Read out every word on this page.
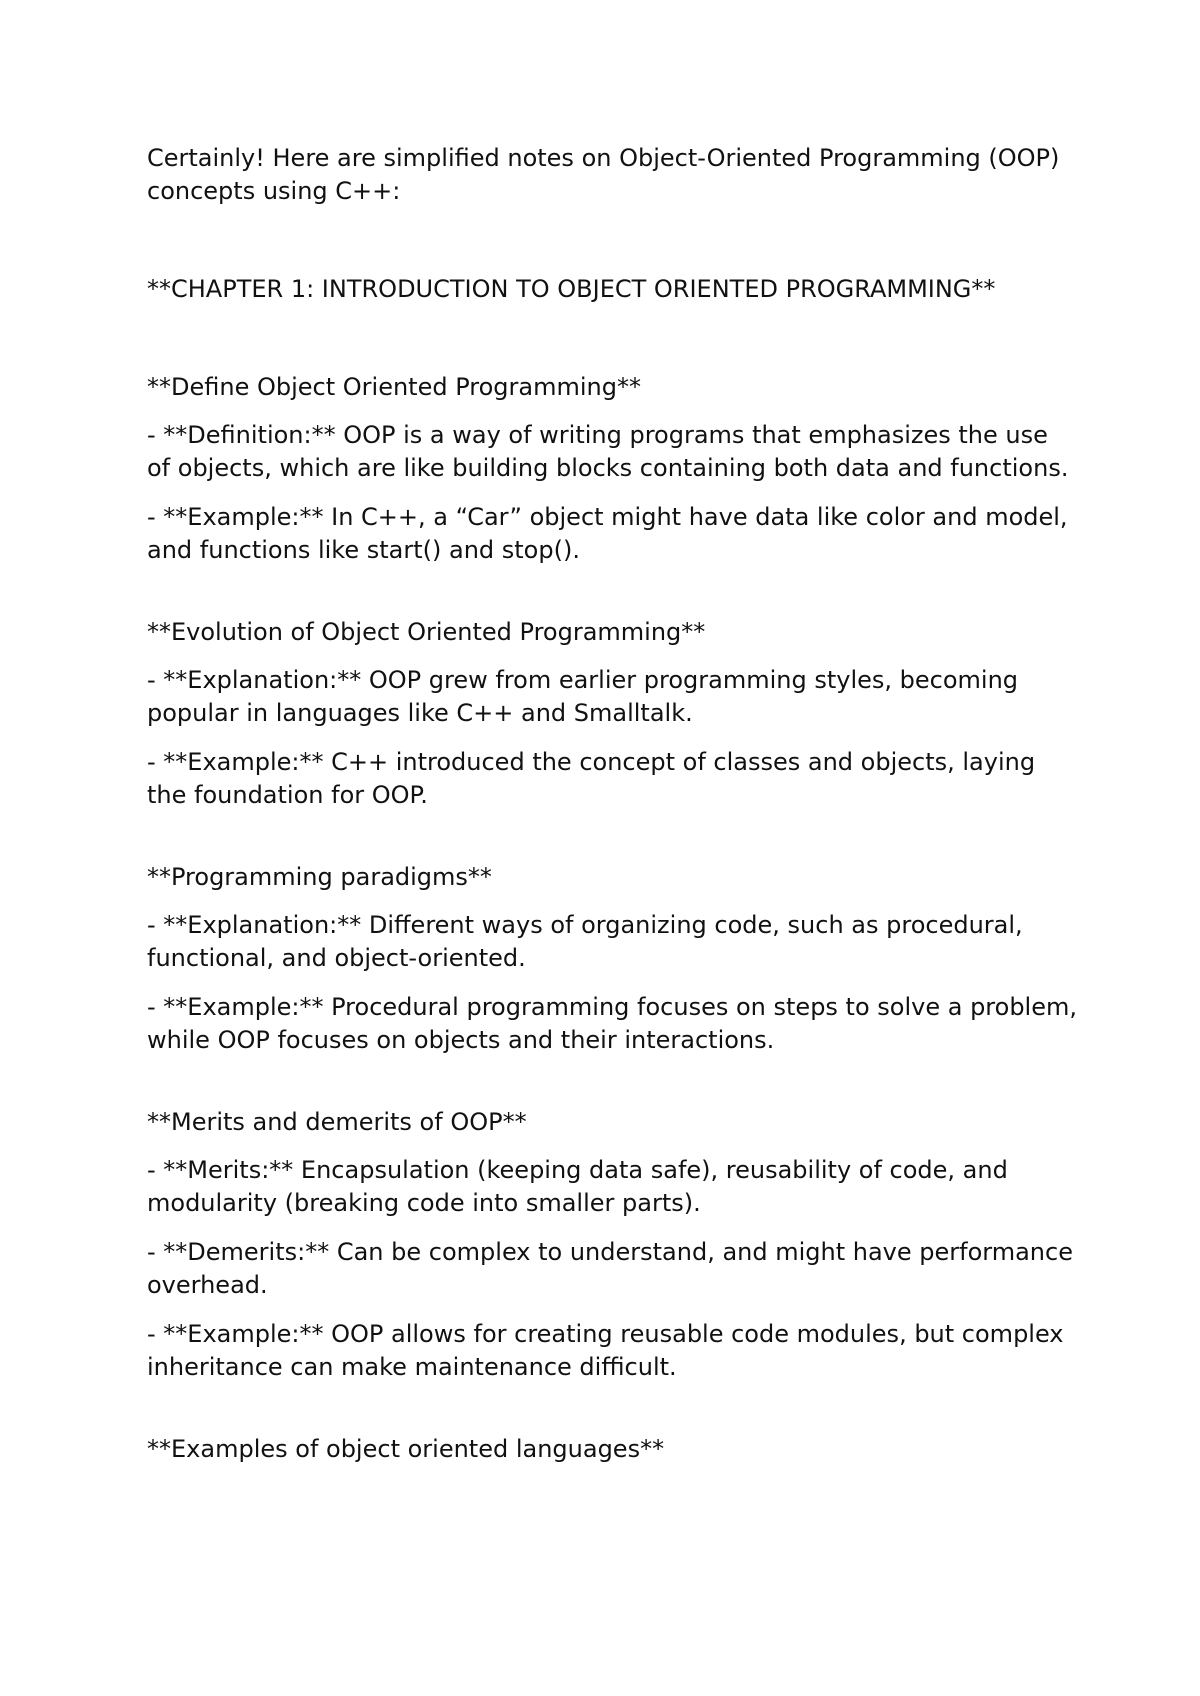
Certainly! Here are simplified notes on Object-Oriented Programming (OOP) concepts using C++:

**CHAPTER 1: INTRODUCTION TO OBJECT ORIENTED PROGRAMMING**

**Define Object Oriented Programming**

- **Definition:** OOP is a way of writing programs that emphasizes the use of objects, which are like building blocks containing both data and functions.

- **Example:** In C++, a “Car” object might have data like color and model, and functions like start() and stop().

**Evolution of Object Oriented Programming**

- **Explanation:** OOP grew from earlier programming styles, becoming popular in languages like C++ and Smalltalk.

- **Example:** C++ introduced the concept of classes and objects, laying the foundation for OOP.

**Programming paradigms**

- **Explanation:** Different ways of organizing code, such as procedural, functional, and object-oriented.

- **Example:** Procedural programming focuses on steps to solve a problem, while OOP focuses on objects and their interactions.

**Merits and demerits of OOP**

- **Merits:** Encapsulation (keeping data safe), reusability of code, and modularity (breaking code into smaller parts).

- **Demerits:** Can be complex to understand, and might have performance overhead.

- **Example:** OOP allows for creating reusable code modules, but complex inheritance can make maintenance difficult.

**Examples of object oriented languages**
